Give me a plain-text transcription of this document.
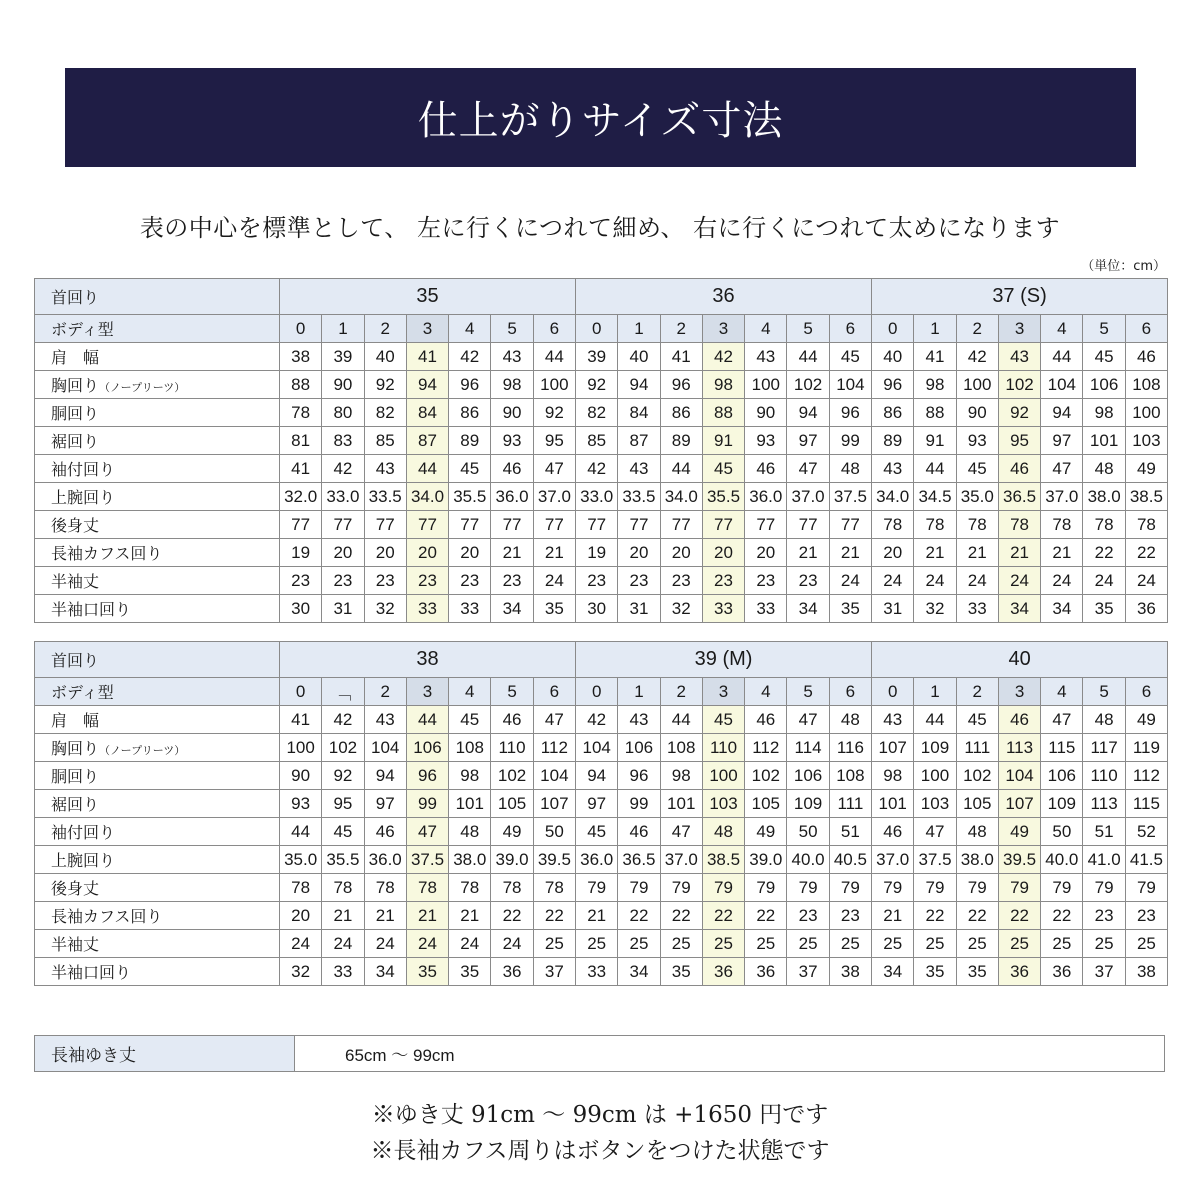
仕上がりサイズ寸法
表の中心を標準として、 左に行くにつれて細め、 右に行くにつれて太めになります
（単位：cm）
首回り	35							36							37 (S)						
ボディ型	0	1	2	3	4	5	6	0	1	2	3	4	5	6	0	1	2	3	4	5	6
肩　幅	38	39	40	41	42	43	44	39	40	41	42	43	44	45	40	41	42	43	44	45	46
胸回り（ノープリーツ）	88	90	92	94	96	98	100	92	94	96	98	100	102	104	96	98	100	102	104	106	108
胴回り	78	80	82	84	86	90	92	82	84	86	88	90	94	96	86	88	90	92	94	98	100
裾回り	81	83	85	87	89	93	95	85	87	89	91	93	97	99	89	91	93	95	97	101	103
袖付回り	41	42	43	44	45	46	47	42	43	44	45	46	47	48	43	44	45	46	47	48	49
上腕回り	32.0	33.0	33.5	34.0	35.5	36.0	37.0	33.0	33.5	34.0	35.5	36.0	37.0	37.5	34.0	34.5	35.0	36.5	37.0	38.0	38.5
後身丈	77	77	77	77	77	77	77	77	77	77	77	77	77	77	78	78	78	78	78	78	78
長袖カフス回り	19	20	20	20	20	21	21	19	20	20	20	20	21	21	20	21	21	21	21	22	22
半袖丈	23	23	23	23	23	23	24	23	23	23	23	23	23	24	24	24	24	24	24	24	24
半袖口回り	30	31	32	33	33	34	35	30	31	32	33	33	34	35	31	32	33	34	34	35	36
首回り	38							39 (M)							40						
ボディ型	0	﹁	2	3	4	5	6	0	1	2	3	4	5	6	0	1	2	3	4	5	6
肩　幅	41	42	43	44	45	46	47	42	43	44	45	46	47	48	43	44	45	46	47	48	49
胸回り（ノープリーツ）	100	102	104	106	108	110	112	104	106	108	110	112	114	116	107	109	111	113	115	117	119
胴回り	90	92	94	96	98	102	104	94	96	98	100	102	106	108	98	100	102	104	106	110	112
裾回り	93	95	97	99	101	105	107	97	99	101	103	105	109	111	101	103	105	107	109	113	115
袖付回り	44	45	46	47	48	49	50	45	46	47	48	49	50	51	46	47	48	49	50	51	52
上腕回り	35.0	35.5	36.0	37.5	38.0	39.0	39.5	36.0	36.5	37.0	38.5	39.0	40.0	40.5	37.0	37.5	38.0	39.5	40.0	41.0	41.5
後身丈	78	78	78	78	78	78	78	79	79	79	79	79	79	79	79	79	79	79	79	79	79
長袖カフス回り	20	21	21	21	21	22	22	21	22	22	22	22	23	23	21	22	22	22	22	23	23
半袖丈	24	24	24	24	24	24	25	25	25	25	25	25	25	25	25	25	25	25	25	25	25
半袖口回り	32	33	34	35	35	36	37	33	34	35	36	36	37	38	34	35	35	36	36	37	38
長袖ゆき丈	65cm 〜 99cm
※ゆき丈 91cm 〜 99cm は +1650 円です
※長袖カフス周りはボタンをつけた状態です
